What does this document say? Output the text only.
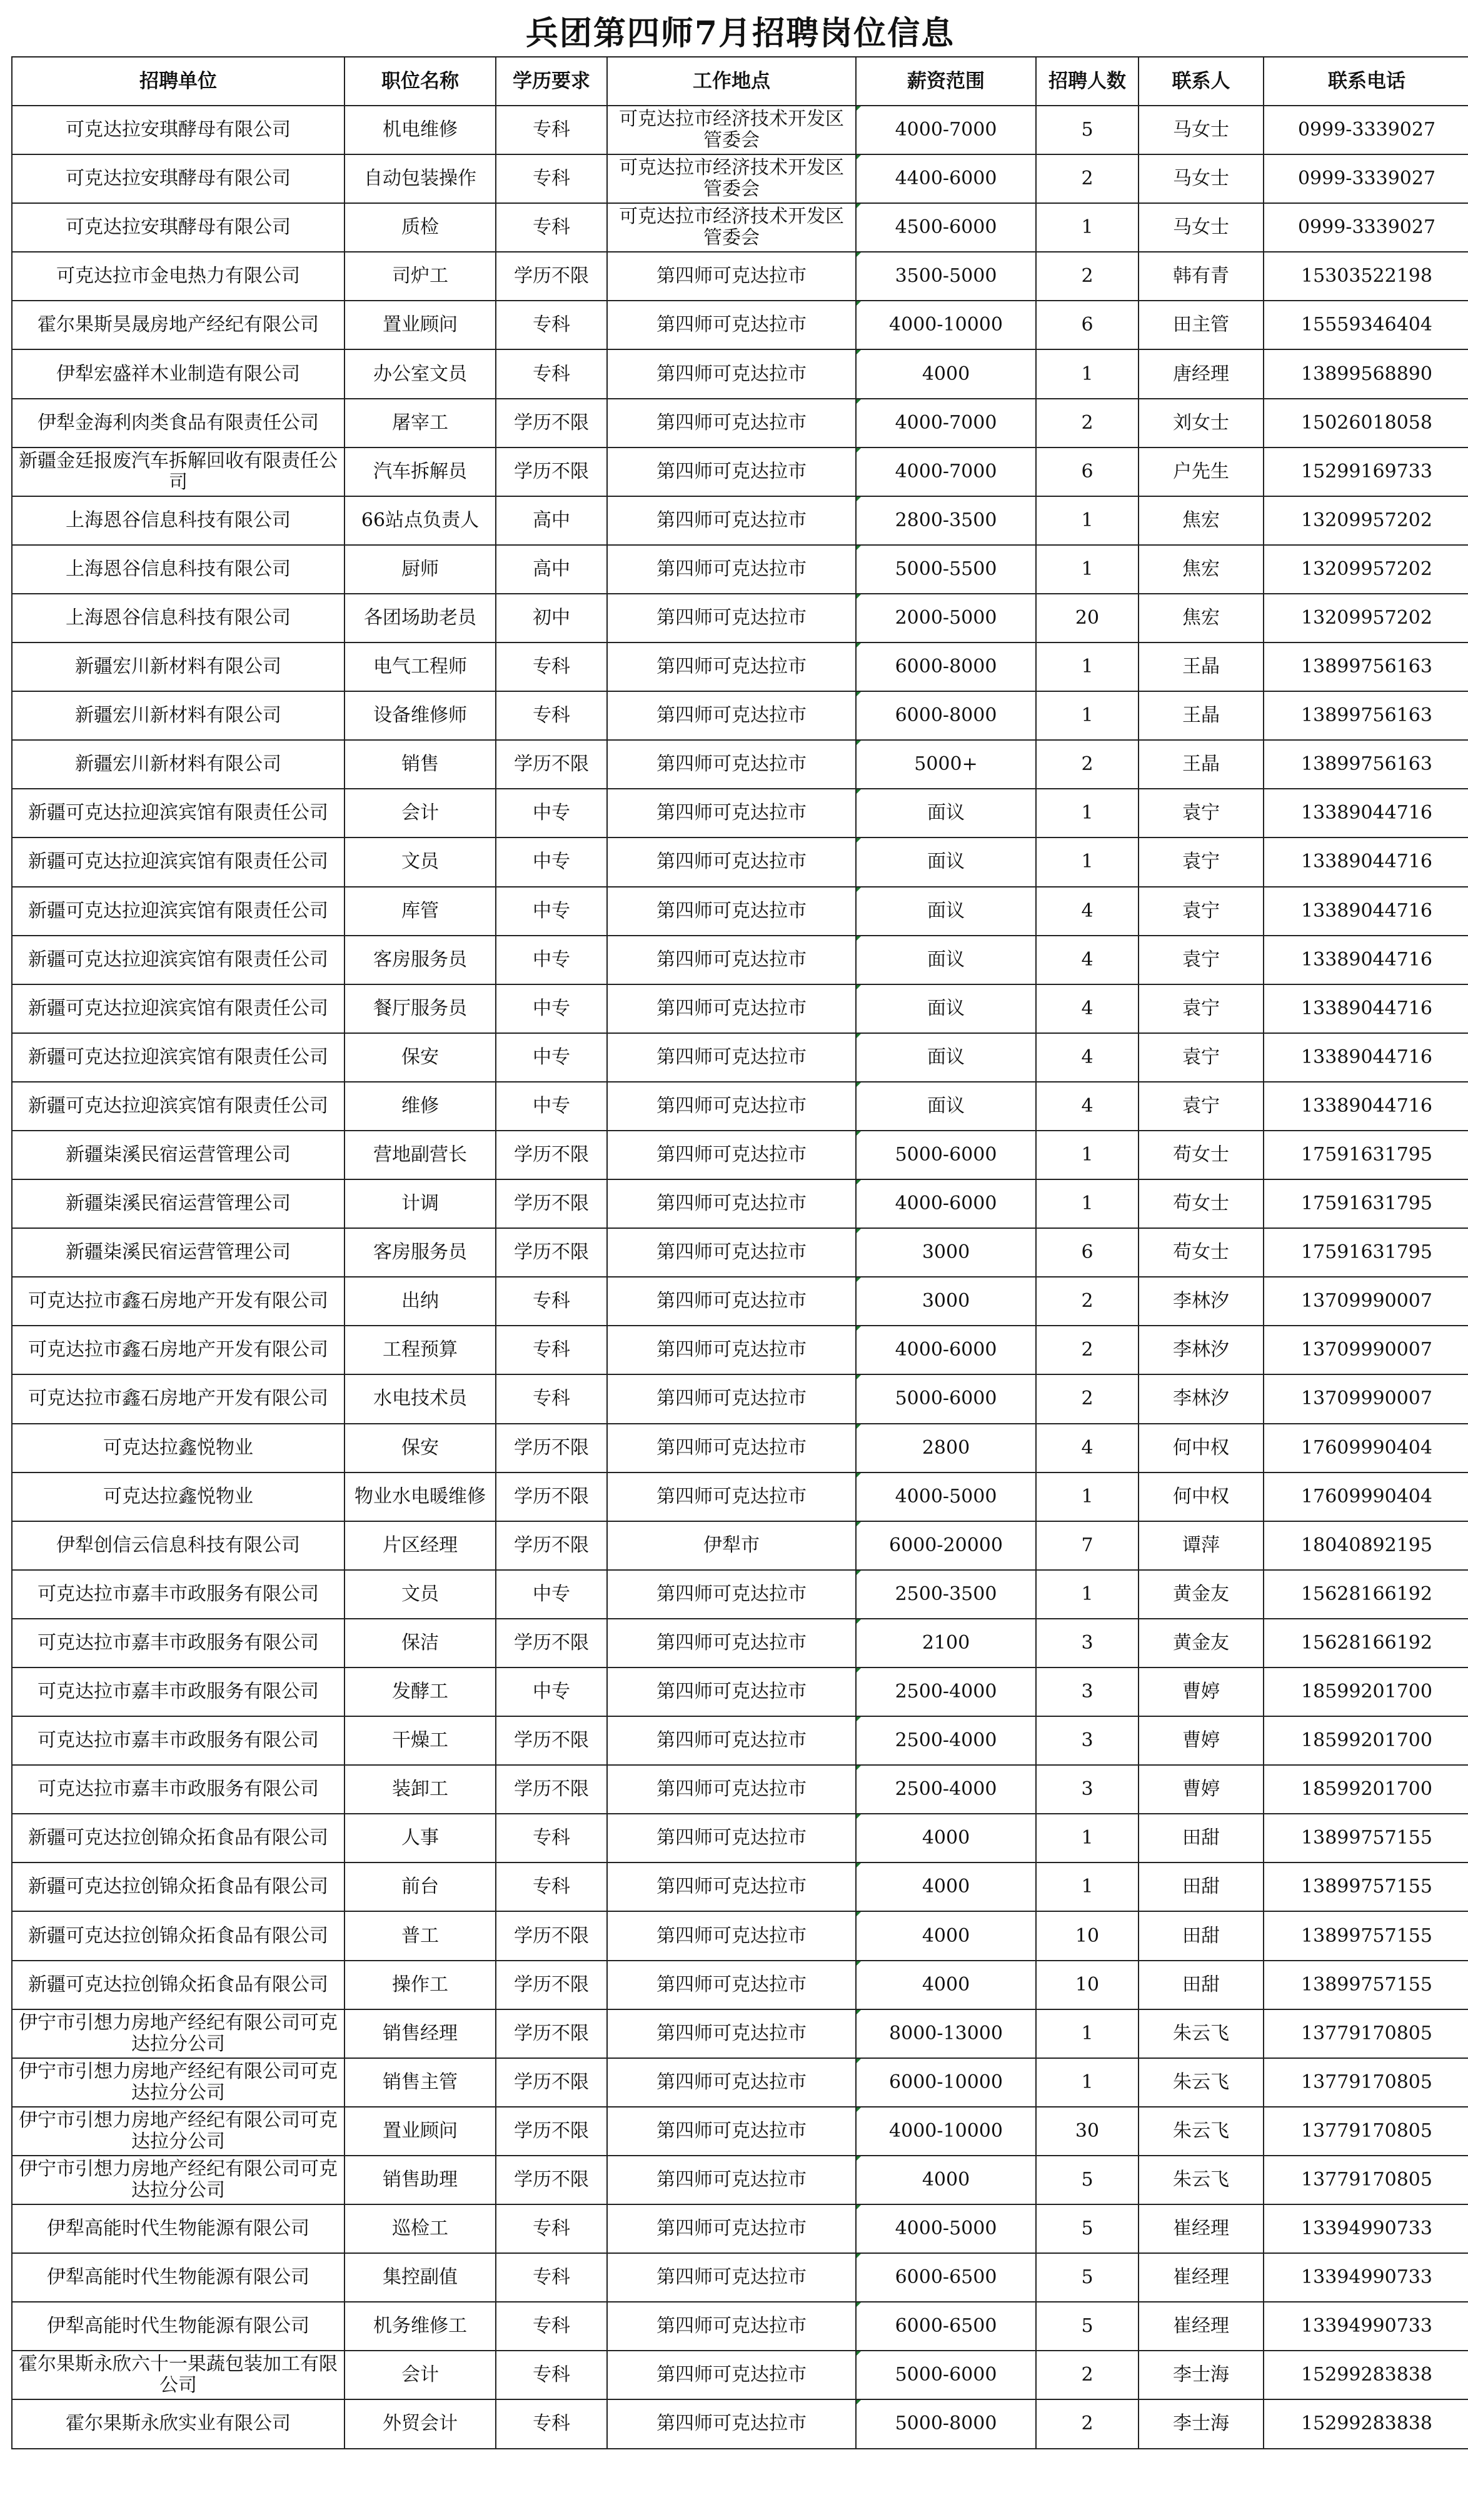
兵团第四师7月招聘岗位信息
招聘单位	职位名称	学历要求	工作地点	薪资范围	招聘人数	联系人	联系电话
可克达拉安琪酵母有限公司	机电维修	专科	可克达拉市经济技术开发区管委会	4000-7000	5	马女士	0999-3339027
可克达拉安琪酵母有限公司	自动包装操作	专科	可克达拉市经济技术开发区管委会	4400-6000	2	马女士	0999-3339027
可克达拉安琪酵母有限公司	质检	专科	可克达拉市经济技术开发区管委会	4500-6000	1	马女士	0999-3339027
可克达拉市金电热力有限公司	司炉工	学历不限	第四师可克达拉市	3500-5000	2	韩有青	15303522198
霍尔果斯昊晟房地产经纪有限公司	置业顾问	专科	第四师可克达拉市	4000-10000	6	田主管	15559346404
伊犁宏盛祥木业制造有限公司	办公室文员	专科	第四师可克达拉市	4000	1	唐经理	13899568890
伊犁金海利肉类食品有限责任公司	屠宰工	学历不限	第四师可克达拉市	4000-7000	2	刘女士	15026018058
新疆金廷报废汽车拆解回收有限责任公司	汽车拆解员	学历不限	第四师可克达拉市	4000-7000	6	户先生	15299169733
上海恩谷信息科技有限公司	66站点负责人	高中	第四师可克达拉市	2800-3500	1	焦宏	13209957202
上海恩谷信息科技有限公司	厨师	高中	第四师可克达拉市	5000-5500	1	焦宏	13209957202
上海恩谷信息科技有限公司	各团场助老员	初中	第四师可克达拉市	2000-5000	20	焦宏	13209957202
新疆宏川新材料有限公司	电气工程师	专科	第四师可克达拉市	6000-8000	1	王晶	13899756163
新疆宏川新材料有限公司	设备维修师	专科	第四师可克达拉市	6000-8000	1	王晶	13899756163
新疆宏川新材料有限公司	销售	学历不限	第四师可克达拉市	5000+	2	王晶	13899756163
新疆可克达拉迎滨宾馆有限责任公司	会计	中专	第四师可克达拉市	面议	1	袁宁	13389044716
新疆可克达拉迎滨宾馆有限责任公司	文员	中专	第四师可克达拉市	面议	1	袁宁	13389044716
新疆可克达拉迎滨宾馆有限责任公司	库管	中专	第四师可克达拉市	面议	4	袁宁	13389044716
新疆可克达拉迎滨宾馆有限责任公司	客房服务员	中专	第四师可克达拉市	面议	4	袁宁	13389044716
新疆可克达拉迎滨宾馆有限责任公司	餐厅服务员	中专	第四师可克达拉市	面议	4	袁宁	13389044716
新疆可克达拉迎滨宾馆有限责任公司	保安	中专	第四师可克达拉市	面议	4	袁宁	13389044716
新疆可克达拉迎滨宾馆有限责任公司	维修	中专	第四师可克达拉市	面议	4	袁宁	13389044716
新疆柒溪民宿运营管理公司	营地副营长	学历不限	第四师可克达拉市	5000-6000	1	苟女士	17591631795
新疆柒溪民宿运营管理公司	计调	学历不限	第四师可克达拉市	4000-6000	1	苟女士	17591631795
新疆柒溪民宿运营管理公司	客房服务员	学历不限	第四师可克达拉市	3000	6	苟女士	17591631795
可克达拉市鑫石房地产开发有限公司	出纳	专科	第四师可克达拉市	3000	2	李林汐	13709990007
可克达拉市鑫石房地产开发有限公司	工程预算	专科	第四师可克达拉市	4000-6000	2	李林汐	13709990007
可克达拉市鑫石房地产开发有限公司	水电技术员	专科	第四师可克达拉市	5000-6000	2	李林汐	13709990007
可克达拉鑫悦物业	保安	学历不限	第四师可克达拉市	2800	4	何中权	17609990404
可克达拉鑫悦物业	物业水电暖维修	学历不限	第四师可克达拉市	4000-5000	1	何中权	17609990404
伊犁创信云信息科技有限公司	片区经理	学历不限	伊犁市	6000-20000	7	谭萍	18040892195
可克达拉市嘉丰市政服务有限公司	文员	中专	第四师可克达拉市	2500-3500	1	黄金友	15628166192
可克达拉市嘉丰市政服务有限公司	保洁	学历不限	第四师可克达拉市	2100	3	黄金友	15628166192
可克达拉市嘉丰市政服务有限公司	发酵工	中专	第四师可克达拉市	2500-4000	3	曹婷	18599201700
可克达拉市嘉丰市政服务有限公司	干燥工	学历不限	第四师可克达拉市	2500-4000	3	曹婷	18599201700
可克达拉市嘉丰市政服务有限公司	装卸工	学历不限	第四师可克达拉市	2500-4000	3	曹婷	18599201700
新疆可克达拉创锦众拓食品有限公司	人事	专科	第四师可克达拉市	4000	1	田甜	13899757155
新疆可克达拉创锦众拓食品有限公司	前台	专科	第四师可克达拉市	4000	1	田甜	13899757155
新疆可克达拉创锦众拓食品有限公司	普工	学历不限	第四师可克达拉市	4000	10	田甜	13899757155
新疆可克达拉创锦众拓食品有限公司	操作工	学历不限	第四师可克达拉市	4000	10	田甜	13899757155
伊宁市引想力房地产经纪有限公司可克达拉分公司	销售经理	学历不限	第四师可克达拉市	8000-13000	1	朱云飞	13779170805
伊宁市引想力房地产经纪有限公司可克达拉分公司	销售主管	学历不限	第四师可克达拉市	6000-10000	1	朱云飞	13779170805
伊宁市引想力房地产经纪有限公司可克达拉分公司	置业顾问	学历不限	第四师可克达拉市	4000-10000	30	朱云飞	13779170805
伊宁市引想力房地产经纪有限公司可克达拉分公司	销售助理	学历不限	第四师可克达拉市	4000	5	朱云飞	13779170805
伊犁高能时代生物能源有限公司	巡检工	专科	第四师可克达拉市	4000-5000	5	崔经理	13394990733
伊犁高能时代生物能源有限公司	集控副值	专科	第四师可克达拉市	6000-6500	5	崔经理	13394990733
伊犁高能时代生物能源有限公司	机务维修工	专科	第四师可克达拉市	6000-6500	5	崔经理	13394990733
霍尔果斯永欣六十一果蔬包装加工有限公司	会计	专科	第四师可克达拉市	5000-6000	2	李士海	15299283838
霍尔果斯永欣实业有限公司	外贸会计	专科	第四师可克达拉市	5000-8000	2	李士海	15299283838
